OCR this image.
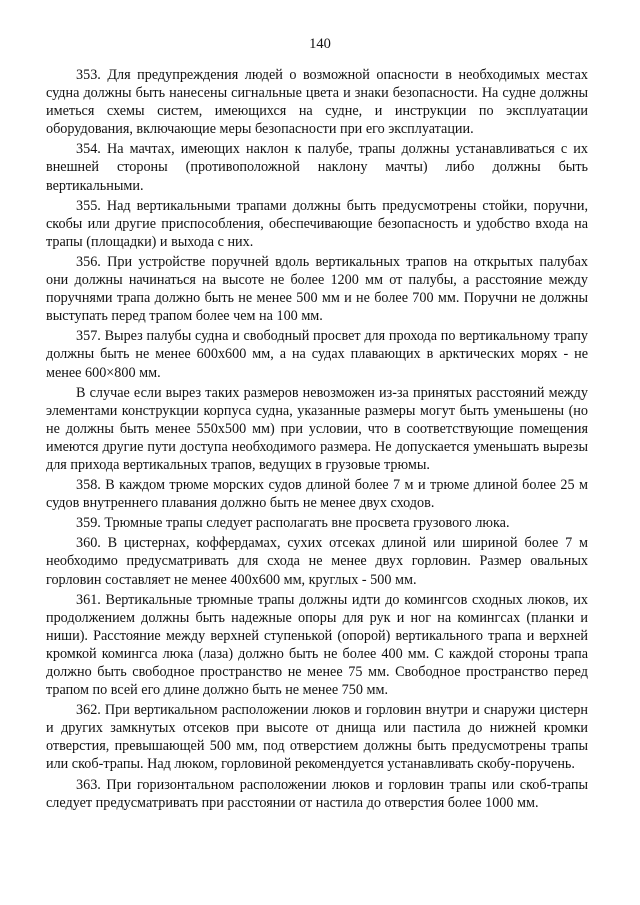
140

353. Для предупреждения людей о возможной опасности в необходимых местах судна должны быть нанесены сигнальные цвета и знаки безопасности. На судне должны иметься схемы систем, имеющихся на судне, и инструкции по эксплуатации оборудования, включающие меры безопасности при его эксплуатации.

354. На мачтах, имеющих наклон к палубе, трапы должны устанавливаться с их внешней стороны (противоположной наклону мачты) либо должны быть вертикальными.

355. Над вертикальными трапами должны быть предусмотрены стойки, поручни, скобы или другие приспособления, обеспечивающие безопасность и удобство входа на трапы (площадки) и выхода с них.

356. При устройстве поручней вдоль вертикальных трапов на открытых палубах они должны начинаться на высоте не более 1200 мм от палубы, а расстояние между поручнями трапа должно быть не менее 500 мм и не более 700 мм. Поручни не должны выступать перед трапом более чем на 100 мм.

357. Вырез палубы судна и свободный просвет для прохода по вертикальному трапу должны быть не менее 600x600 мм, а на судах плавающих в арктических морях - не менее 600×800 мм.

В случае если вырез таких размеров невозможен из-за принятых расстояний между элементами конструкции корпуса судна, указанные размеры могут быть уменьшены (но не должны быть менее 550x500 мм) при условии, что в соответствующие помещения имеются другие пути доступа необходимого размера. Не допускается уменьшать вырезы для прихода вертикальных трапов, ведущих в грузовые трюмы.

358. В каждом трюме морских судов длиной более 7 м и трюме длиной более 25 м судов внутреннего плавания должно быть не менее двух сходов.

359. Трюмные трапы следует располагать вне просвета грузового люка.

360. В цистернах, коффердамах, сухих отсеках длиной или шириной более 7 м необходимо предусматривать для схода не менее двух горловин. Размер овальных горловин составляет не менее 400x600 мм, круглых - 500 мм.

361. Вертикальные трюмные трапы должны идти до комингсов сходных люков, их продолжением должны быть надежные опоры для рук и ног на комингсах (планки и ниши). Расстояние между верхней ступенькой (опорой) вертикального трапа и верхней кромкой комингса люка (лаза) должно быть не более 400 мм. С каждой стороны трапа должно быть свободное пространство не менее 75 мм. Свободное пространство перед трапом по всей его длине должно быть не менее 750 мм.

362. При вертикальном расположении люков и горловин внутри и снаружи цистерн и других замкнутых отсеков при высоте от днища или пастила до нижней кромки отверстия, превышающей 500 мм, под отверстием должны быть предусмотрены трапы или скоб-трапы. Над люком, горловиной рекомендуется устанавливать скобу-поручень.

363. При горизонтальном расположении люков и горловин трапы или скоб-трапы следует предусматривать при расстоянии от настила до отверстия более 1000 мм.
